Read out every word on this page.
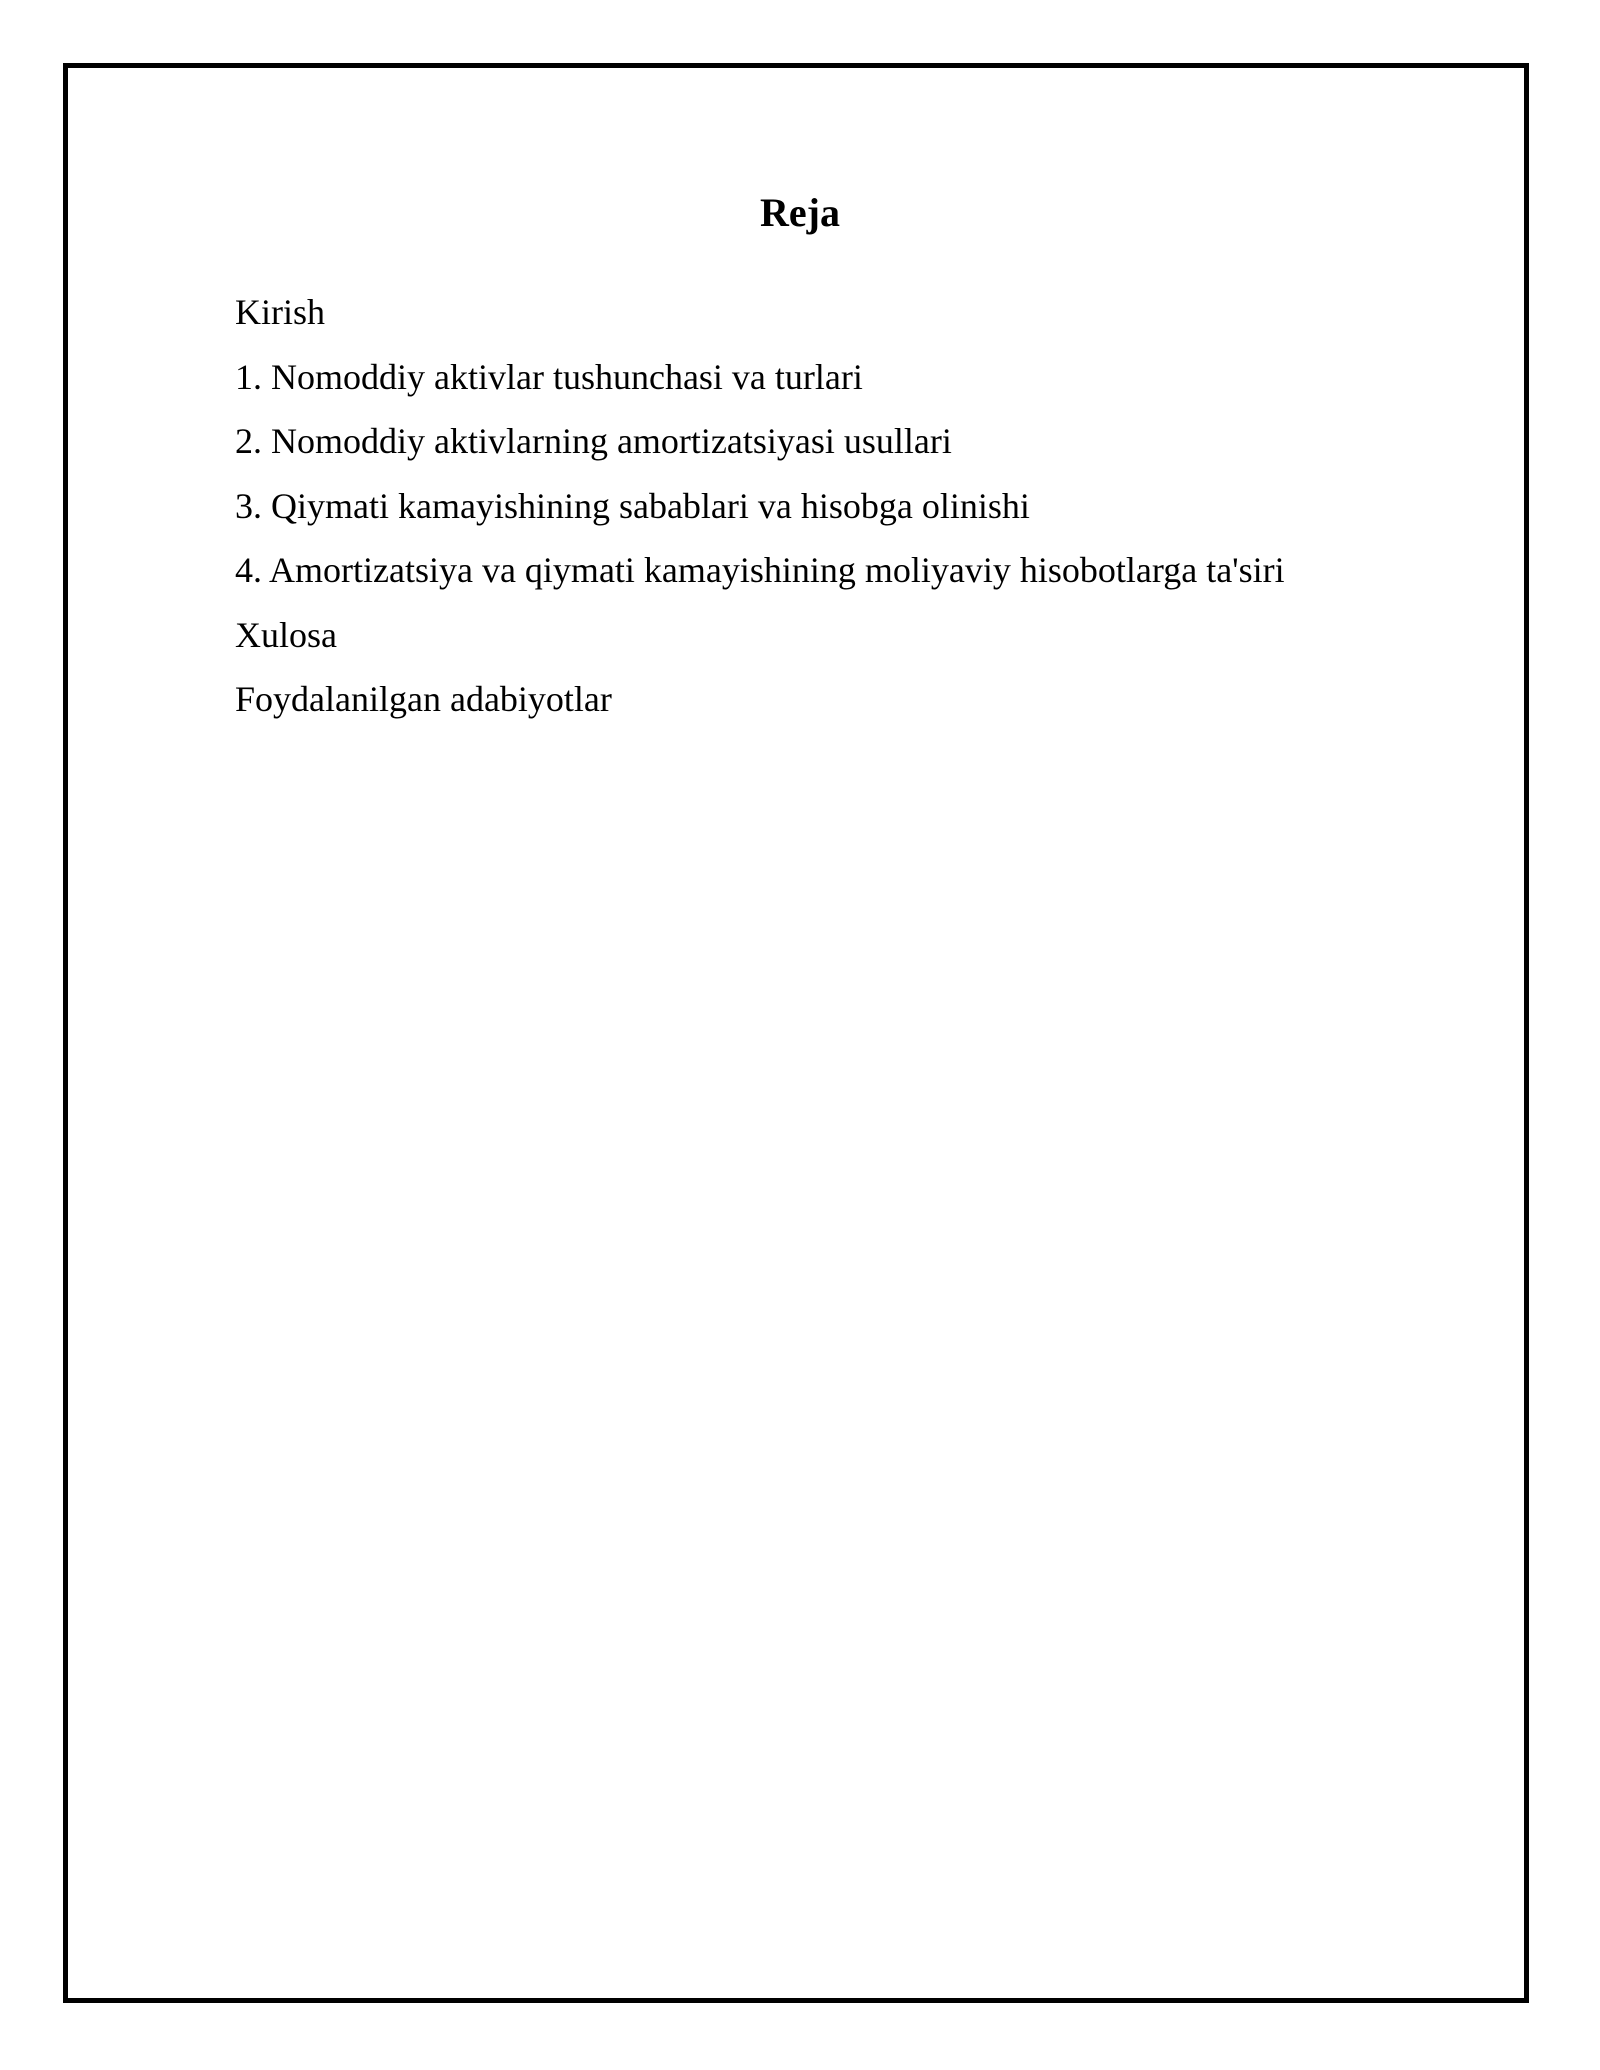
Reja
Kirish
1. Nomoddiy aktivlar tushunchasi va turlari
2. Nomoddiy aktivlarning amortizatsiyasi usullari
3. Qiymati kamayishining sabablari va hisobga olinishi
4. Amortizatsiya va qiymati kamayishining moliyaviy hisobotlarga ta'siri
Xulosa
Foydalanilgan adabiyotlar
